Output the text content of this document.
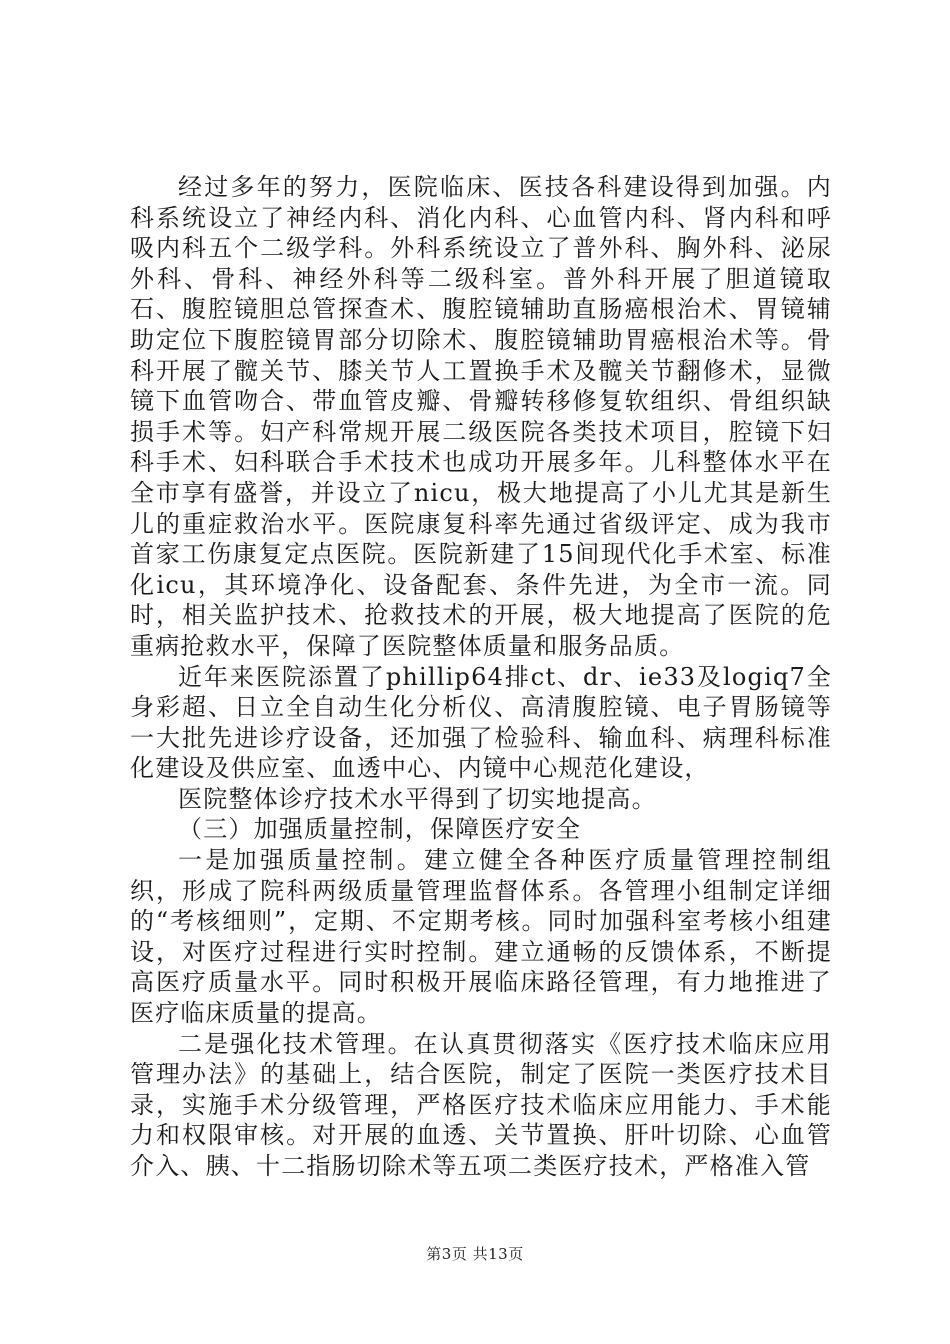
经过多年的努力，医院临床、医技各科建设得到加强。内科系统设立了神经内科、消化内科、心血管内科、肾内科和呼吸内科五个二级学科。外科系统设立了普外科、胸外科、泌尿外科、骨科、神经外科等二级科室。普外科开展了胆道镜取石、腹腔镜胆总管探查术、腹腔镜辅助直肠癌根治术、胃镜辅助定位下腹腔镜胃部分切除术、腹腔镜辅助胃癌根治术等。骨科开展了髋关节、膝关节人工置换手术及髋关节翻修术，显微镜下血管吻合、带血管皮瓣、骨瓣转移修复软组织、骨组织缺损手术等。妇产科常规开展二级医院各类技术项目，腔镜下妇科手术、妇科联合手术技术也成功开展多年。儿科整体水平在全市享有盛誉，并设立了nicu，极大地提高了小儿尤其是新生儿的重症救治水平。医院康复科率先通过省级评定、成为我市首家工伤康复定点医院。医院新建了15间现代化手术室、标准化icu，其环境净化、设备配套、条件先进，为全市一流。同时，相关监护技术、抢救技术的开展，极大地提高了医院的危重病抢救水平，保障了医院整体质量和服务品质。

近年来医院添置了phillip64排ct、dr、ie33及logiq7全身彩超、日立全自动生化分析仪、高清腹腔镜、电子胃肠镜等一大批先进诊疗设备，还加强了检验科、输血科、病理科标准化建设及供应室、血透中心、内镜中心规范化建设，

医院整体诊疗技术水平得到了切实地提高。

（三）加强质量控制，保障医疗安全

一是加强质量控制。建立健全各种医疗质量管理控制组织，形成了院科两级质量管理监督体系。各管理小组制定详细的“考核细则”，定期、不定期考核。同时加强科室考核小组建设，对医疗过程进行实时控制。建立通畅的反馈体系，不断提高医疗质量水平。同时积极开展临床路径管理，有力地推进了医疗临床质量的提高。

二是强化技术管理。在认真贯彻落实《医疗技术临床应用管理办法》的基础上，结合医院，制定了医院一类医疗技术目录，实施手术分级管理，严格医疗技术临床应用能力、手术能力和权限审核。对开展的血透、关节置换、肝叶切除、心血管介入、胰、十二指肠切除术等五项二类医疗技术，严格准入管

第3页 共13页
